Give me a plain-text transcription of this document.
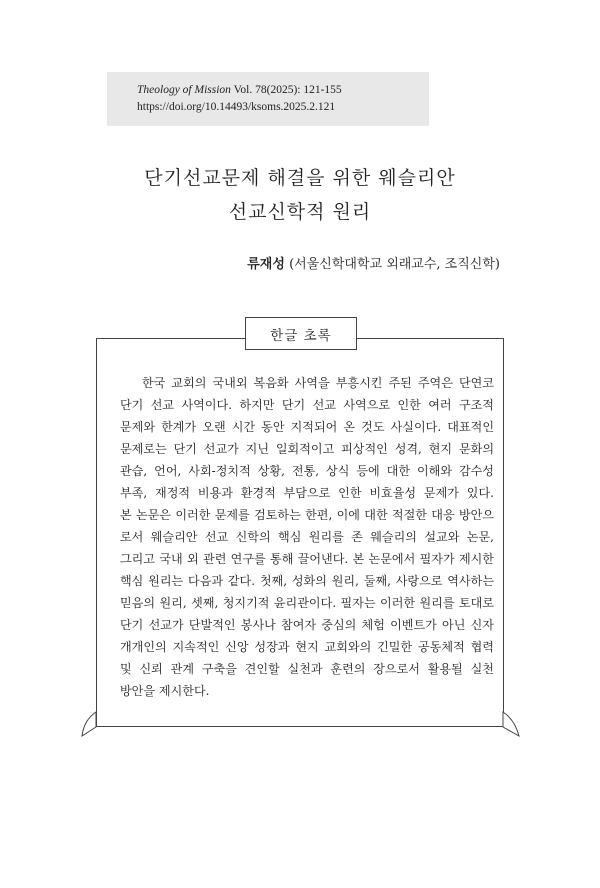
Theology of Mission Vol. 78(2025): 121-155
https://doi.org/10.14493/ksoms.2025.2.121
단기선교문제 해결을 위한 웨슬리안
선교신학적 원리
류재성 (서울신학대학교 외래교수, 조직신학)
한글 초록
한국 교회의 국내외 복음화 사역을 부흥시킨 주된 주역은 단연코
단기 선교 사역이다. 하지만 단기 선교 사역으로 인한 여러 구조적
문제와 한계가 오랜 시간 동안 지적되어 온 것도 사실이다. 대표적인
문제로는 단기 선교가 지닌 일회적이고 피상적인 성격, 현지 문화의
관습, 언어, 사회-정치적 상황, 전통, 상식 등에 대한 이해와 감수성
부족, 재정적 비용과 환경적 부담으로 인한 비효율성 문제가 있다.
본 논문은 이러한 문제를 검토하는 한편, 이에 대한 적절한 대응 방안으
로서 웨슬리안 선교 신학의 핵심 원리를 존 웨슬리의 설교와 논문,
그리고 국내 외 관련 연구를 통해 끌어낸다. 본 논문에서 필자가 제시한
핵심 원리는 다음과 같다. 첫째, 성화의 원리, 둘째, 사랑으로 역사하는
믿음의 원리, 셋째, 청지기적 윤리관이다. 필자는 이러한 원리를 토대로
단기 선교가 단발적인 봉사나 참여자 중심의 체험 이벤트가 아닌 신자
개개인의 지속적인 신앙 성장과 현지 교회와의 긴밀한 공동체적 협력
및 신뢰 관계 구축을 견인할 실천과 훈련의 장으로서 활용될 실천
방안을 제시한다.
